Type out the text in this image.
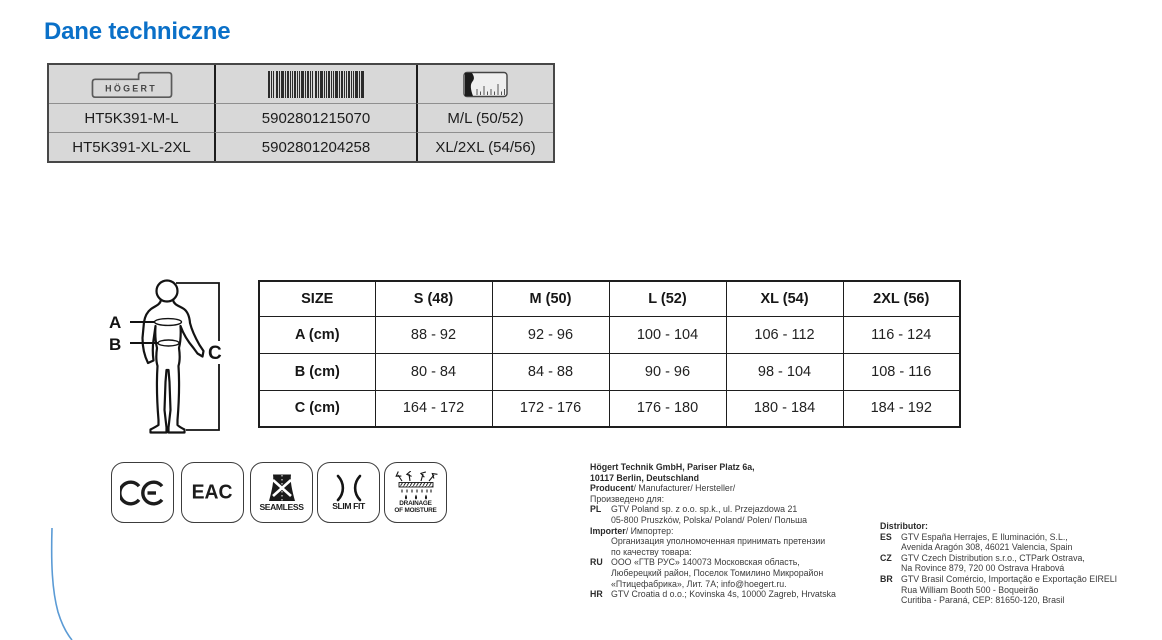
Dane techniczne
HÖGERT
HT5K391-M-L	5902801215070	M/L (50/52)
HT5K391-XL-2XL	5902801204258	XL/2XL (54/56)
A
B	C
SIZE	S (48)	M (50)	L (52)	XL (54)	2XL (56)
A (cm)	88 - 92	92 - 96	100 - 104	106 - 112	116 - 124
B (cm)	80 - 84	84 - 88	90 - 96	98 - 104	108 - 116
C (cm)	164 - 172	172 - 176	176 - 180	180 - 184	184 - 192
EAC
SEAMLESS	SLIM FIT	DRAINAGE
OF MOISTURE
Högert Technik GmbH, Pariser Platz 6a,
10117 Berlin, Deutschland
Producent/ Manufacturer/ Hersteller/
Произведено для:
PL GTV Poland sp. z o.o. sp.k., ul. Przejazdowa 21
05-800 Pruszków, Polska/ Poland/ Polen/ Польша
Importer/ Импортер:
Организация уполномоченная принимать претензии
по качеству товара:
RU ООО «ГТВ РУС» 140073 Московская область,
Люберецкий район, Поселок Томилино Микрорайон
«Птицефабрика», Лит. 7А; info@hoegert.ru.
HR GTV Croatia d o.o.; Kovinska 4s, 10000 Zagreb, Hrvatska
Distributor:
ES GTV España Herrajes, E Iluminación, S.L.,
Avenida Aragón 308, 46021 Valencia, Spain
CZ GTV Czech Distribution s.r.o., CTPark Ostrava,
Na Rovince 879, 720 00 Ostrava Hrabová
BR GTV Brasil Comércio, Importação e Exportação EIRELI
Rua William Booth 500 - Boqueirão
Curitiba - Paraná, CEP: 81650-120, Brasil
